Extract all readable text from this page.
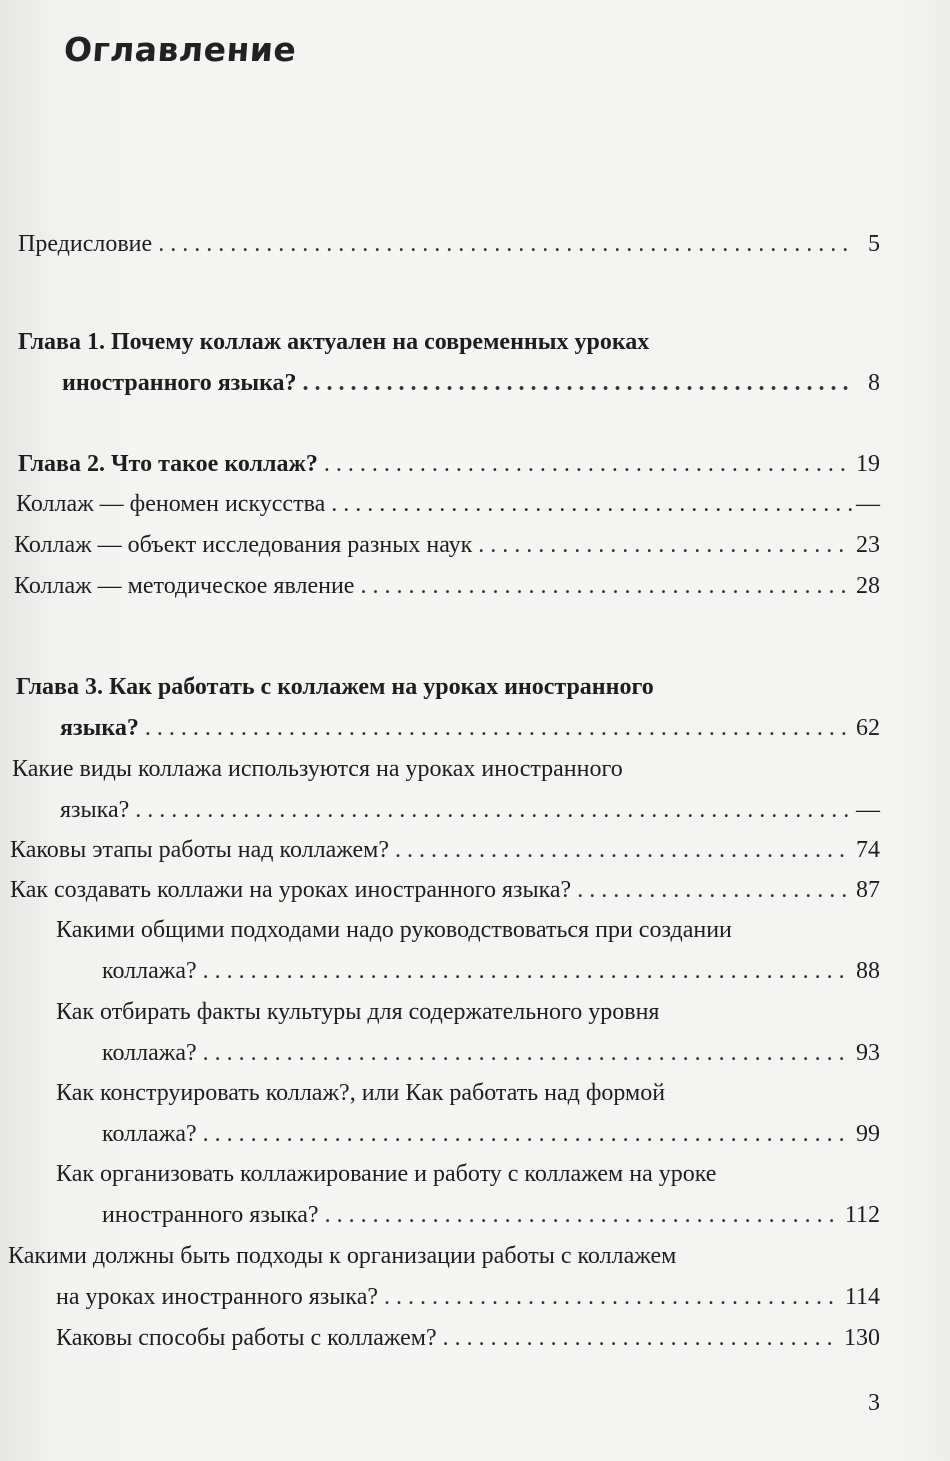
Оглавление
Предисловие . . .	5
Глава 1. Почему коллаж актуален на современных уроках
иностранного языка? . . .	8
Глава 2. Что такое коллаж? . . .	19
Коллаж — феномен искусства . . .	—
Коллаж — объект исследования разных наук . . .	23
Коллаж — методическое явление . . .	28
Глава 3. Как работать с коллажем на уроках иностранного
языка? . . .	62
Какие виды коллажа используются на уроках иностранного
языка? . . .	—
Каковы этапы работы над коллажем? . . .	74
Как создавать коллажи на уроках иностранного языка? . . .	87
Какими общими подходами надо руководствоваться при создании
коллажа? . . .	88
Как отбирать факты культуры для содержательного уровня
коллажа? . . .	93
Как конструировать коллаж?, или Как работать над формой
коллажа? . . .	99
Как организовать коллажирование и работу с коллажем на уроке
иностранного языка? . . .	112
Какими должны быть подходы к организации работы с коллажем
на уроках иностранного языка? . . .	114
Каковы способы работы с коллажем? . . .	130
3
